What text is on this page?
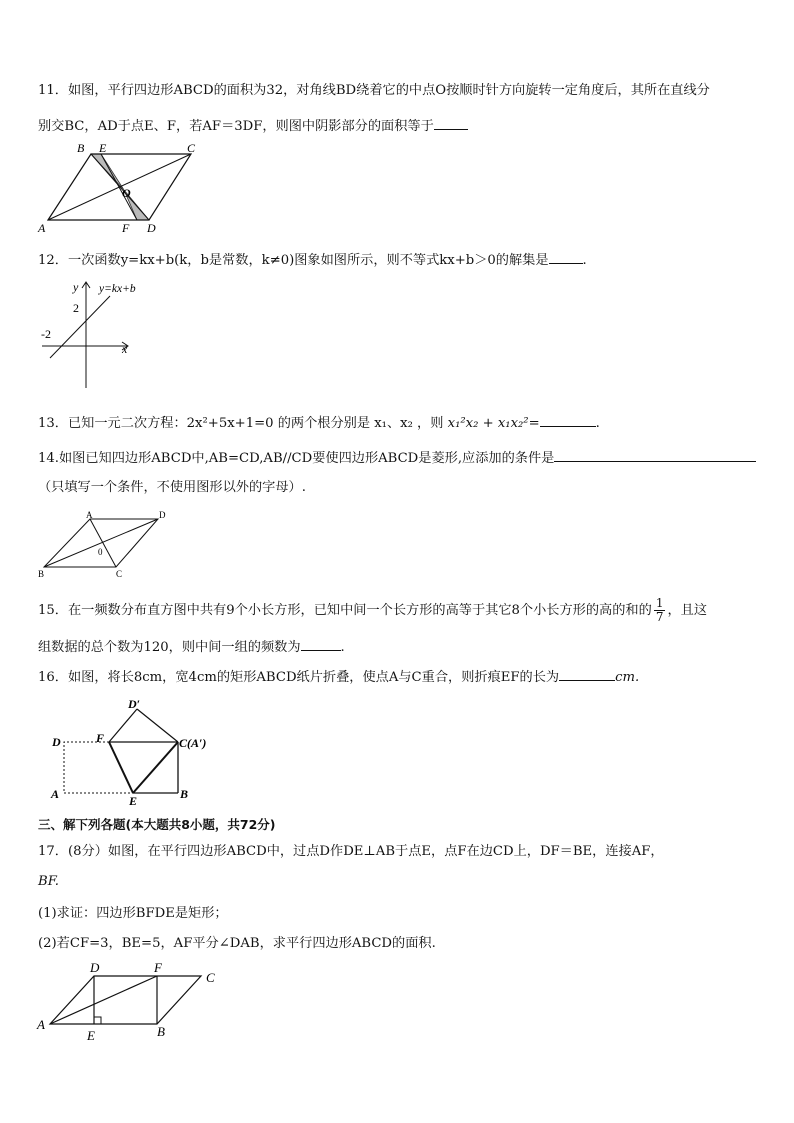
11．如图，平行四边形ABCD的面积为32，对角线BD绕着它的中点O按顺时针方向旋转一定角度后，其所在直线分
别交BC，AD于点E、F，若AF＝3DF，则图中阴影部分的面积等于
B E	C
O
A	F D
12．一次函数y=kx+b(k，b是常数，k≠0)图象如图所示，则不等式kx+b＞0的解集是	.
y y=kx+b
2
-2
x
13．已知一元二次方程：2x²+5x+1=0 的两个根分别是 x₁、x₂ ，则 x₁²x₂ + x₁x₂²=	.
14.如图已知四边形ABCD中,AB=CD,AB//CD要使四边形ABCD是菱形,应添加的条件是
（只填写一个条件，不使用图形以外的字母）.
A	D
B	C
0
15．在一频数分布直方图中共有9个小长方形，已知中间一个长方形的高等于其它8个小长方形的高的和的 $\frac{1}{7}$ ，且这
组数据的总个数为120，则中间一组的频数为	.
16．如图，将长8cm，宽4cm的矩形ABCD纸片折叠，使点A与C重合，则折痕EF的长为	cm.
D′
D	F	C(A′)
A	E	B
三、解下列各题(本大题共8小题，共72分)
17．(8分）如图，在平行四边形ABCD中，过点D作DE⊥AB于点E，点F在边CD上，DF＝BE，连接AF，
BF.
(1)求证：四边形BFDE是矩形；
(2)若CF=3，BE=5，AF平分∠DAB，求平行四边形ABCD的面积.
D	F
C
A
E	B
